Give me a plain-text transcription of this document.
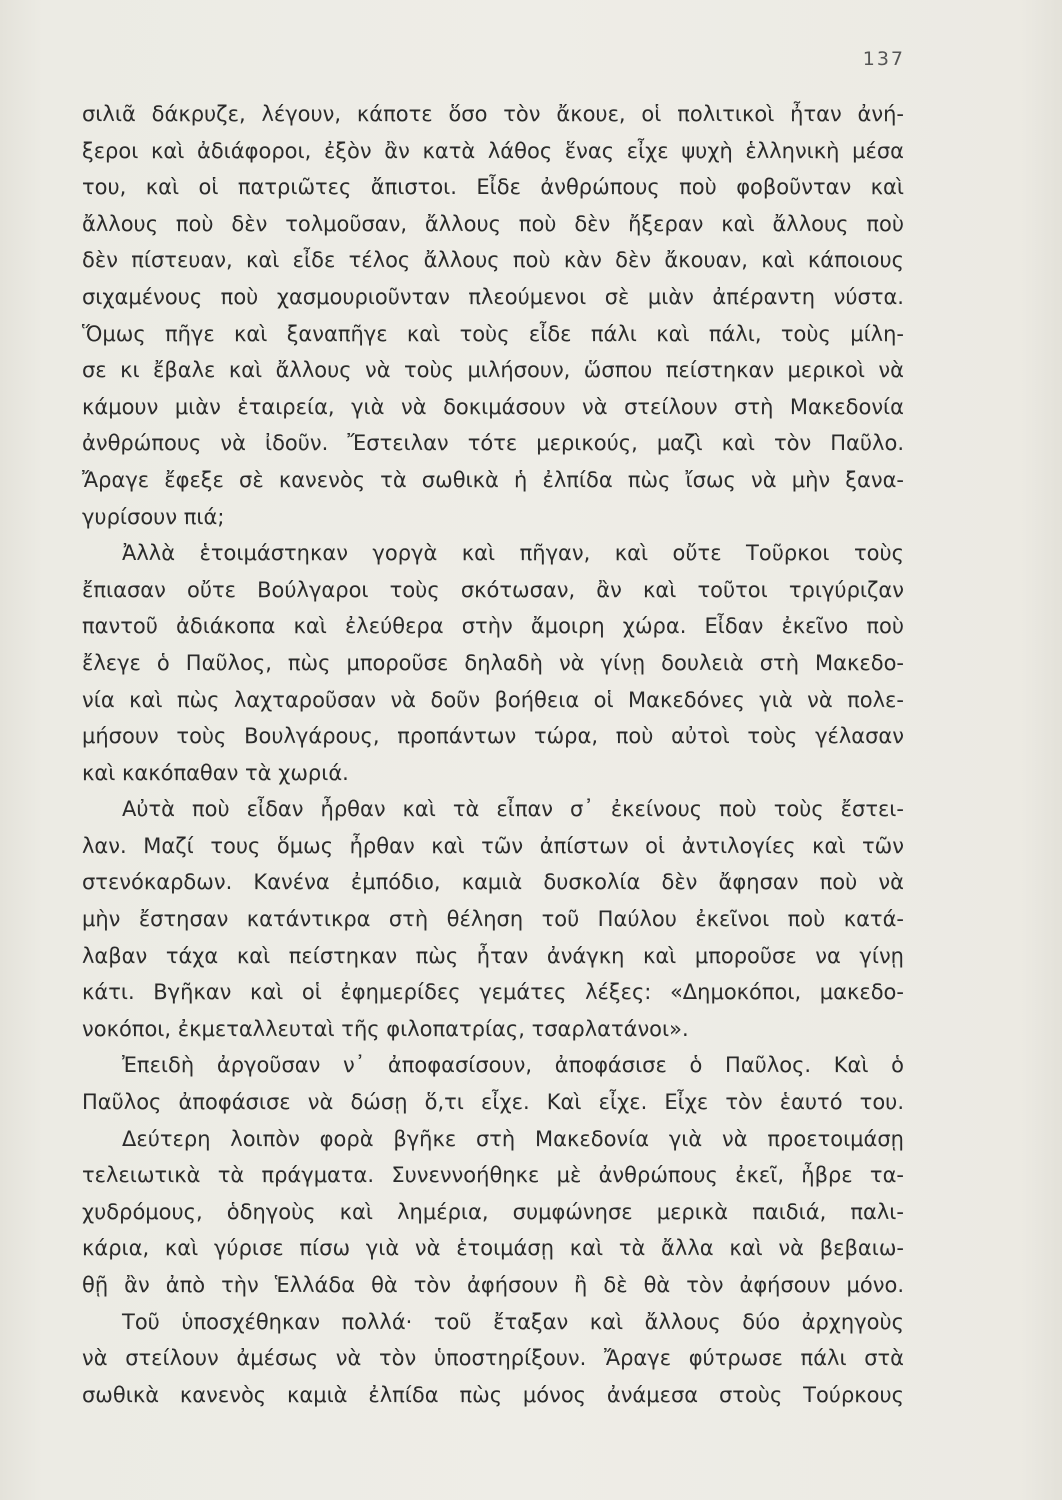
137
σιλιᾶ δάκρυζε, λέγουν, κάποτε ὅσο τὸν ἄκουε, οἱ πολιτικοὶ ἦταν ἀνή-
ξεροι καὶ ἀδιάφοροι, ἐξὸν ἂν κατὰ λάθος ἕνας εἶχε ψυχὴ ἑλληνικὴ μέσα
του, καὶ οἱ πατριῶτες ἄπιστοι. Εἶδε ἀνθρώπους ποὺ φοβοῦνταν καὶ
ἄλλους ποὺ δὲν τολμοῦσαν, ἄλλους ποὺ δὲν ἤξεραν καὶ ἄλλους ποὺ
δὲν πίστευαν, καὶ εἶδε τέλος ἄλλους ποὺ κὰν δὲν ἄκουαν, καὶ κάποιους
σιχαμένους ποὺ χασμουριοῦνταν πλεούμενοι σὲ μιὰν ἀπέραντη νύστα.
Ὅμως πῆγε καὶ ξαναπῆγε καὶ τοὺς εἶδε πάλι καὶ πάλι, τοὺς μίλη-
σε κι ἔβαλε καὶ ἄλλους νὰ τοὺς μιλήσουν, ὥσπου πείστηκαν μερικοὶ νὰ
κάμουν μιὰν ἑταιρεία, γιὰ νὰ δοκιμάσουν νὰ στείλουν στὴ Μακεδονία
ἀνθρώπους νὰ ἰδοῦν. Ἔστειλαν τότε μερικούς, μαζὶ καὶ τὸν Παῦλο.
Ἄραγε ἔφεξε σὲ κανενὸς τὰ σωθικὰ ἡ ἐλπίδα πὼς ἴσως νὰ μὴν ξανα-
γυρίσουν πιά;
Ἀλλὰ ἑτοιμάστηκαν γοργὰ καὶ πῆγαν, καὶ οὔτε Τοῦρκοι τοὺς
ἔπιασαν οὔτε Βούλγαροι τοὺς σκότωσαν, ἂν καὶ τοῦτοι τριγύριζαν
παντοῦ ἀδιάκοπα καὶ ἐλεύθερα στὴν ἄμοιρη χώρα. Εἶδαν ἐκεῖνο ποὺ
ἔλεγε ὁ Παῦλος, πὼς μποροῦσε δηλαδὴ νὰ γίνῃ δουλειὰ στὴ Μακεδο-
νία καὶ πὼς λαχταροῦσαν νὰ δοῦν βοήθεια οἱ Μακεδόνες γιὰ νὰ πολε-
μήσουν τοὺς Βουλγάρους, προπάντων τώρα, ποὺ αὐτοὶ τοὺς γέλασαν
καὶ κακόπαθαν τὰ χωριά.
Αὐτὰ ποὺ εἶδαν ἦρθαν καὶ τὰ εἶπαν σ᾽ ἐκείνους ποὺ τοὺς ἔστει-
λαν. Μαζί τους ὅμως ἦρθαν καὶ τῶν ἀπίστων οἱ ἀντιλογίες καὶ τῶν
στενόκαρδων. Κανένα ἐμπόδιο, καμιὰ δυσκολία δὲν ἄφησαν ποὺ νὰ
μὴν ἔστησαν κατάντικρα στὴ θέληση τοῦ Παύλου ἐκεῖνοι ποὺ κατά-
λαβαν τάχα καὶ πείστηκαν πὼς ἦταν ἀνάγκη καὶ μποροῦσε να γίνῃ
κάτι. Βγῆκαν καὶ οἱ ἐφημερίδες γεμάτες λέξες: «Δημοκόποι, μακεδο-
νοκόποι, ἐκμεταλλευταὶ τῆς φιλοπατρίας, τσαρλατάνοι».
Ἐπειδὴ ἀργοῦσαν ν᾽ ἀποφασίσουν, ἀποφάσισε ὁ Παῦλος. Καὶ ὁ
Παῦλος ἀποφάσισε νὰ δώσῃ ὅ,τι εἶχε. Καὶ εἶχε. Εἶχε τὸν ἑαυτό του.
Δεύτερη λοιπὸν φορὰ βγῆκε στὴ Μακεδονία γιὰ νὰ προετοιμάσῃ
τελειωτικὰ τὰ πράγματα. Συνεννοήθηκε μὲ ἀνθρώπους ἐκεῖ, ἦβρε τα-
χυδρόμους, ὁδηγοὺς καὶ λημέρια, συμφώνησε μερικὰ παιδιά, παλι-
κάρια, καὶ γύρισε πίσω γιὰ νὰ ἑτοιμάσῃ καὶ τὰ ἄλλα καὶ νὰ βεβαιω-
θῇ ἂν ἀπὸ τὴν Ἑλλάδα θὰ τὸν ἀφήσουν ἢ δὲ θὰ τὸν ἀφήσουν μόνο.
Τοῦ ὑποσχέθηκαν πολλά· τοῦ ἔταξαν καὶ ἄλλους δύο ἀρχηγοὺς
νὰ στείλουν ἀμέσως νὰ τὸν ὑποστηρίξουν. Ἄραγε φύτρωσε πάλι στὰ
σωθικὰ κανενὸς καμιὰ ἐλπίδα πὼς μόνος ἀνάμεσα στοὺς Τούρκους
